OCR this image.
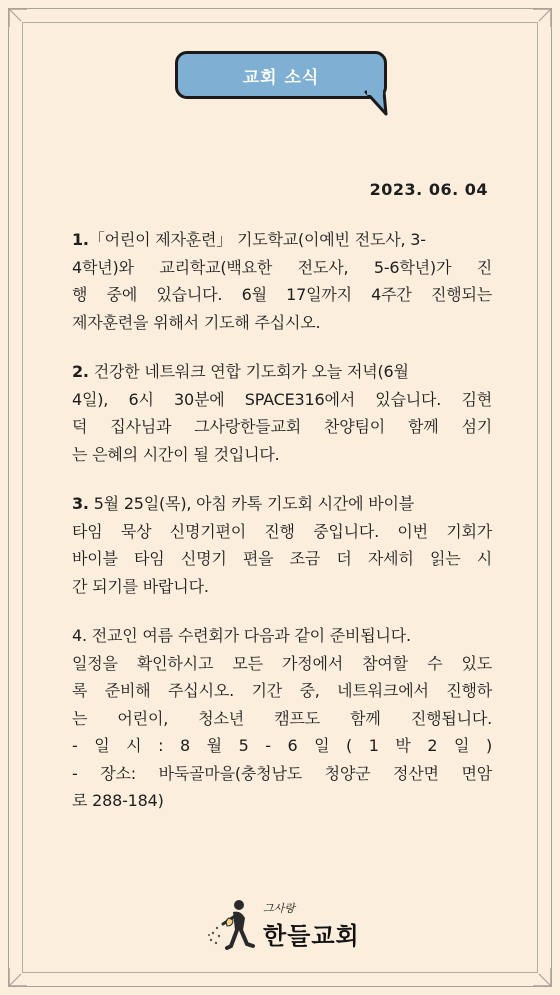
교회 소식
2023. 06. 04
1.「어린이 제자훈련」 기도학교(이예빈 전도사, 3-
4학년)와 교리학교(백요한 전도사, 5-6학년)가 진
행 중에 있습니다. 6월 17일까지 4주간 진행되는
제자훈련을 위해서 기도해 주십시오.
2. 건강한 네트워크 연합 기도회가 오늘 저녁(6월
4일), 6시 30분에 SPACE316에서 있습니다. 김현
덕 집사님과 그사랑한들교회 찬양팀이 함께 섬기
는 은혜의 시간이 될 것입니다.
3. 5월 25일(목), 아침 카톡 기도회 시간에 바이블
타임 묵상 신명기편이 진행 중입니다. 이번 기회가
바이블 타임 신명기 편을 조금 더 자세히 읽는 시
간 되기를 바랍니다.
4. 전교인 여름 수련회가 다음과 같이 준비됩니다.
일정을 확인하시고 모든 가정에서 참여할 수 있도
록 준비해 주십시오. 기간 중, 네트워크에서 진행하
는 어린이, 청소년 캠프도 함께 진행됩니다.
- 일 시 : 8 월 5 - 6 일 ( 1 박 2 일 )
- 장소: 바둑골마을(충청남도 청양군 정산면 면암
로 288-184)
그사랑
한들교회
